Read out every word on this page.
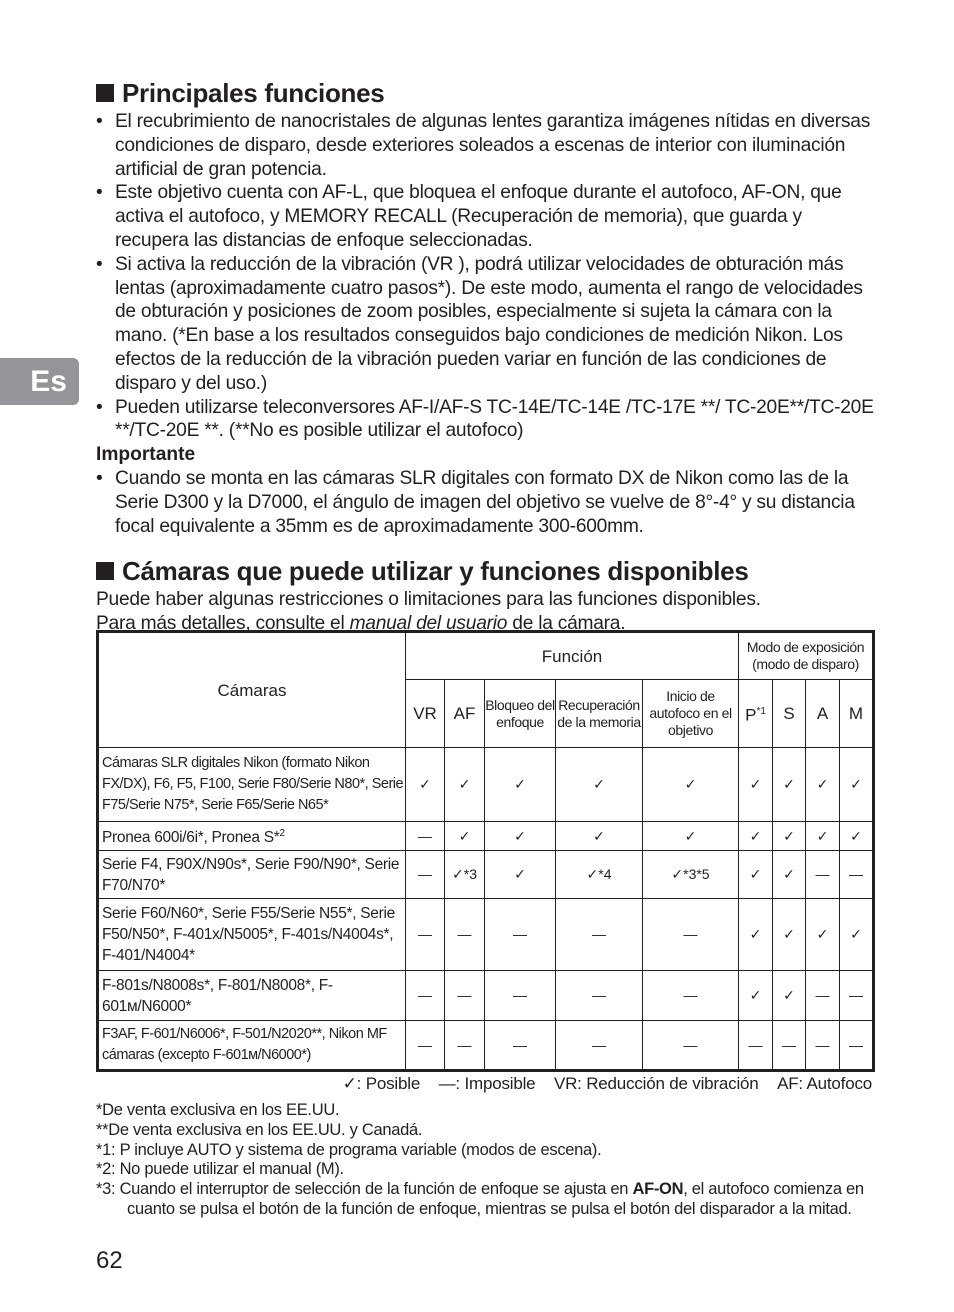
Es
Principales funciones
• El recubrimiento de nanocristales de algunas lentes garantiza imágenes nítidas en diversas condiciones de disparo, desde exteriores soleados a escenas de interior con iluminación artificial de gran potencia.
• Este objetivo cuenta con AF-L, que bloquea el enfoque durante el autofoco, AF-ON, que activa el autofoco, y MEMORY RECALL (Recuperación de memoria), que guarda y recupera las distancias de enfoque seleccionadas.
• Si activa la reducción de la vibración (VR ), podrá utilizar velocidades de obturación más lentas (aproximadamente cuatro pasos*). De este modo, aumenta el rango de velocidades de obturación y posiciones de zoom posibles, especialmente si sujeta la cámara con la mano. (*En base a los resultados conseguidos bajo condiciones de medición Nikon. Los efectos de la reducción de la vibración pueden variar en función de las condiciones de disparo y del uso.)
• Pueden utilizarse teleconversores AF-I/AF-S TC-14E/TC-14E /TC-17E **/ TC-20E**/TC-20E **/TC-20E **. (**No es posible utilizar el autofoco)
Importante
• Cuando se monta en las cámaras SLR digitales con formato DX de Nikon como las de la Serie D300 y la D7000, el ángulo de imagen del objetivo se vuelve de 8°-4° y su distancia focal equivalente a 35mm es de aproximadamente 300-600mm.
Cámaras que puede utilizar y funciones disponibles
Puede haber algunas restricciones o limitaciones para las funciones disponibles.
Para más detalles, consulte el manual del usuario de la cámara.
Cámaras	Función					Modo de exposición (modo de disparo)			
	VR	AF	Bloqueo del enfoque	Recuperación de la memoria	Inicio de autofoco en el objetivo	$P^{*1}$	S	A	M
Cámaras SLR digitales Nikon (formato Nikon FX/DX), F6, F5, F100, Serie F80/Serie N80*, Serie F75/Serie N75*, Serie F65/Serie N65*	✓	✓	✓	✓	✓	✓	✓	✓	✓
Pronea 600i/6i*, Pronea S*$^2$	—	✓	✓	✓	✓	✓	✓	✓	✓
Serie F4, F90X/N90s*, Serie F90/N90*, Serie F70/N70*	—	✓*3	✓	✓*4	✓*3*5	✓	✓	—	—
Serie F60/N60*, Serie F55/Serie N55*, Serie F50/N50*, F-401x/N5005*, F-401s/N4004s*, F-401/N4004*	—	—	—	—	—	✓	✓	✓	✓
F-801s/N8008s*, F-801/N8008*, F-601м/N6000*	—	—	—	—	—	✓	✓	—	—
F3AF, F-601/N6006*, F-501/N2020**, Nikon MF cámaras (excepto F-601м/N6000*)	—	—	—	—	—	—	—	—	—
✓: Posible —: Imposible VR: Reducción de vibración AF: Autofoco
*De venta exclusiva en los EE.UU.
**De venta exclusiva en los EE.UU. y Canadá.
*1: P incluye AUTO y sistema de programa variable (modos de escena).
*2: No puede utilizar el manual (M).
*3: Cuando el interruptor de selección de la función de enfoque se ajusta en AF-ON, el autofoco comienza en cuanto se pulsa el botón de la función de enfoque, mientras se pulsa el botón del disparador a la mitad.
62
